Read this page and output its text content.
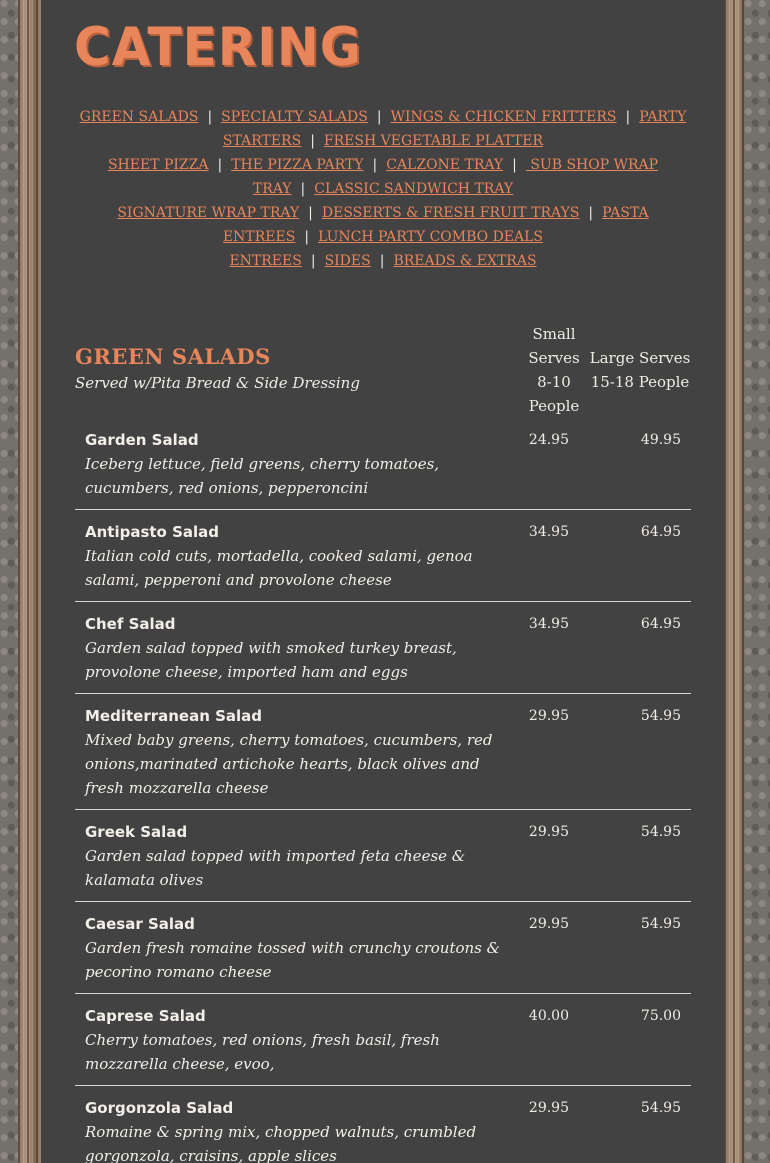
CATERING
GREEN SALADS | SPECIALTY SALADS | WINGS & CHICKEN FRITTERS | PARTY STARTERS | FRESH VEGETABLE PLATTER
SHEET PIZZA | THE PIZZA PARTY | CALZONE TRAY | SUB SHOP WRAP TRAY | CLASSIC SANDWICH TRAY
SIGNATURE WRAP TRAY | DESSERTS & FRESH FRUIT TRAYS | PASTA ENTREES | LUNCH PARTY COMBO DEALS
ENTREES | SIDES | BREADS & EXTRAS
GREEN SALADS
Served w/Pita Bread & Side Dressing
Small Serves 8-10 People
Large Serves 15-18 People
Garden Salad
Iceberg lettuce, field greens, cherry tomatoes, cucumbers, red onions, pepperoncini
24.95	49.95
Antipasto Salad
Italian cold cuts, mortadella, cooked salami, genoa salami, pepperoni and provolone cheese
34.95	64.95
Chef Salad
Garden salad topped with smoked turkey breast, provolone cheese, imported ham and eggs
34.95	64.95
Mediterranean Salad
Mixed baby greens, cherry tomatoes, cucumbers, red onions,marinated artichoke hearts, black olives and fresh mozzarella cheese
29.95	54.95
Greek Salad
Garden salad topped with imported feta cheese & kalamata olives
29.95	54.95
Caesar Salad
Garden fresh romaine tossed with crunchy croutons & pecorino romano cheese
29.95	54.95
Caprese Salad
Cherry tomatoes, red onions, fresh basil, fresh mozzarella cheese, evoo,
40.00	75.00
Gorgonzola Salad
Romaine & spring mix, chopped walnuts, crumbled gorgonzola, craisins, apple slices
29.95	54.95
